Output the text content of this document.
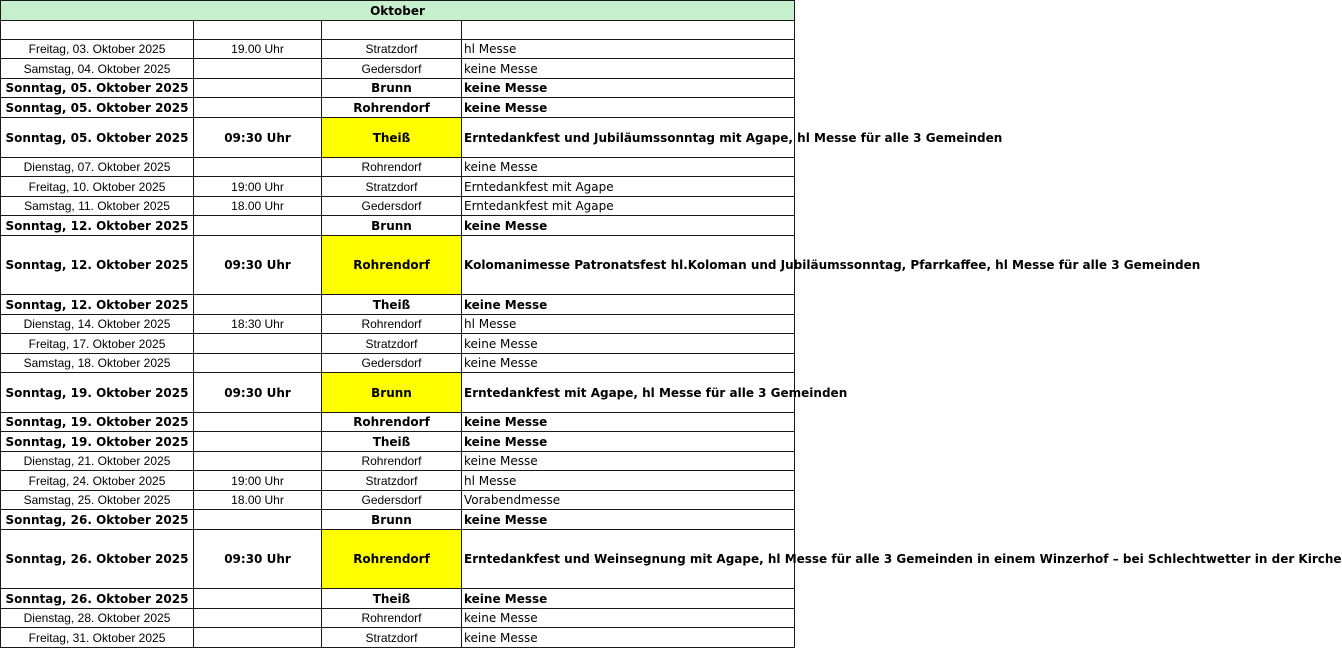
Oktober			

Freitag, 03. Oktober 2025	19.00 Uhr	Stratzdorf	hl Messe
Samstag, 04. Oktober 2025		Gedersdorf	keine Messe
Sonntag, 05. Oktober 2025		Brunn	keine Messe
Sonntag, 05. Oktober 2025		Rohrendorf	keine Messe
Sonntag, 05. Oktober 2025	09:30 Uhr	Theiß	Erntedankfest und Jubiläumssonntag mit Agape, hl Messe für alle 3 Gemeinden
Dienstag, 07. Oktober 2025		Rohrendorf	keine Messe
Freitag, 10. Oktober 2025	19:00 Uhr	Stratzdorf	Erntedankfest mit Agape
Samstag, 11. Oktober 2025	18.00 Uhr	Gedersdorf	Erntedankfest mit Agape
Sonntag, 12. Oktober 2025		Brunn	keine Messe
Sonntag, 12. Oktober 2025	09:30 Uhr	Rohrendorf	Kolomanimesse Patronatsfest hl.Koloman und Jubiläumssonntag, Pfarrkaffee, hl Messe für alle 3 Gemeinden
Sonntag, 12. Oktober 2025		Theiß	keine Messe
Dienstag, 14. Oktober 2025	18:30 Uhr	Rohrendorf	hl Messe
Freitag, 17. Oktober 2025		Stratzdorf	keine Messe
Samstag, 18. Oktober 2025		Gedersdorf	keine Messe
Sonntag, 19. Oktober 2025	09:30 Uhr	Brunn	Erntedankfest mit Agape, hl Messe für alle 3 Gemeinden
Sonntag, 19. Oktober 2025		Rohrendorf	keine Messe
Sonntag, 19. Oktober 2025		Theiß	keine Messe
Dienstag, 21. Oktober 2025		Rohrendorf	keine Messe
Freitag, 24. Oktober 2025	19:00 Uhr	Stratzdorf	hl Messe
Samstag, 25. Oktober 2025	18.00 Uhr	Gedersdorf	Vorabendmesse
Sonntag, 26. Oktober 2025		Brunn	keine Messe
Sonntag, 26. Oktober 2025	09:30 Uhr	Rohrendorf	Erntedankfest und Weinsegnung mit Agape, hl Messe für alle 3 Gemeinden in einem Winzerhof – bei Schlechtwetter in der Kirche
Sonntag, 26. Oktober 2025		Theiß	keine Messe
Dienstag, 28. Oktober 2025		Rohrendorf	keine Messe
Freitag, 31. Oktober 2025		Stratzdorf	keine Messe
